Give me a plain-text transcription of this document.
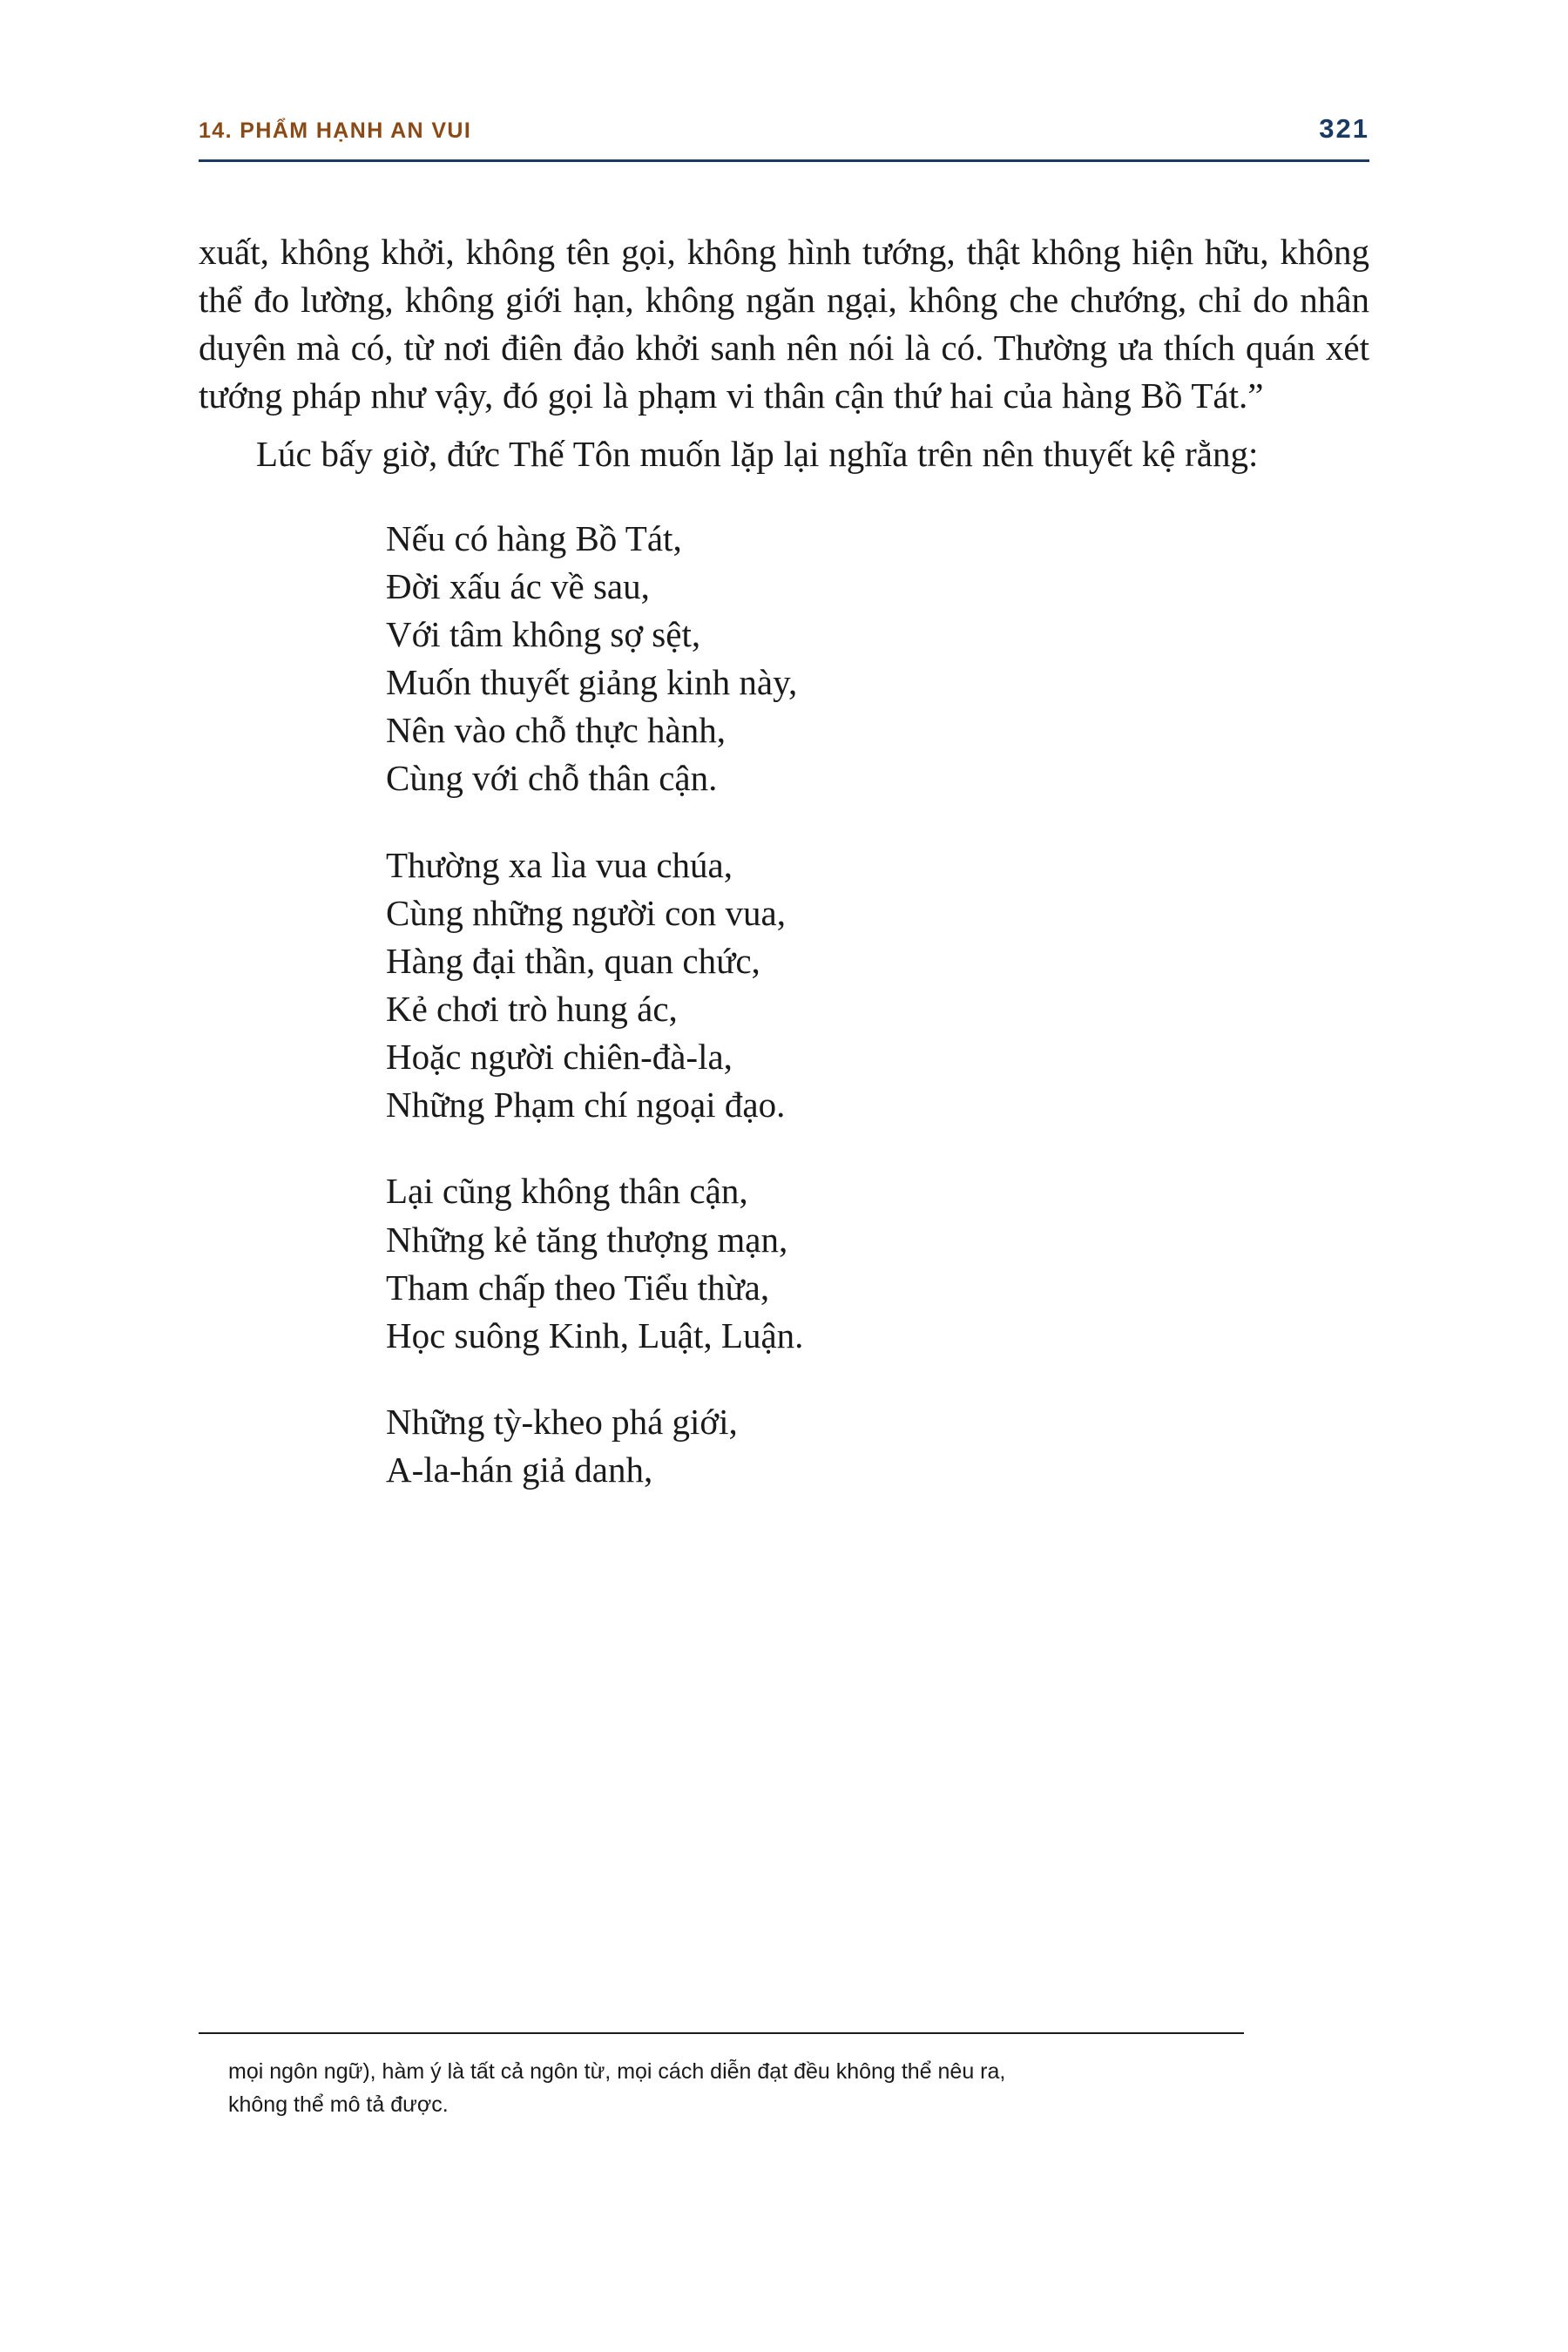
14. PHẨM HẠNH AN VUI	321

xuất, không khởi, không tên gọi, không hình tướng, thật không hiện hữu, không thể đo lường, không giới hạn, không ngăn ngại, không che chướng, chỉ do nhân duyên mà có, từ nơi điên đảo khởi sanh nên nói là có. Thường ưa thích quán xét tướng pháp như vậy, đó gọi là phạm vi thân cận thứ hai của hàng Bồ Tát.”

Lúc bấy giờ, đức Thế Tôn muốn lặp lại nghĩa trên nên thuyết kệ rằng:

Nếu có hàng Bồ Tát,
Đời xấu ác về sau,
Với tâm không sợ sệt,
Muốn thuyết giảng kinh này,
Nên vào chỗ thực hành,
Cùng với chỗ thân cận.
Thường xa lìa vua chúa,
Cùng những người con vua,
Hàng đại thần, quan chức,
Kẻ chơi trò hung ác,
Hoặc người chiên-đà-la,
Những Phạm chí ngoại đạo.
Lại cũng không thân cận,
Những kẻ tăng thượng mạn,
Tham chấp theo Tiểu thừa,
Học suông Kinh, Luật, Luận.
Những tỳ-kheo phá giới,
A-la-hán giả danh,
mọi ngôn ngữ), hàm ý là tất cả ngôn từ, mọi cách diễn đạt đều không thể nêu ra,
không thể mô tả được.
